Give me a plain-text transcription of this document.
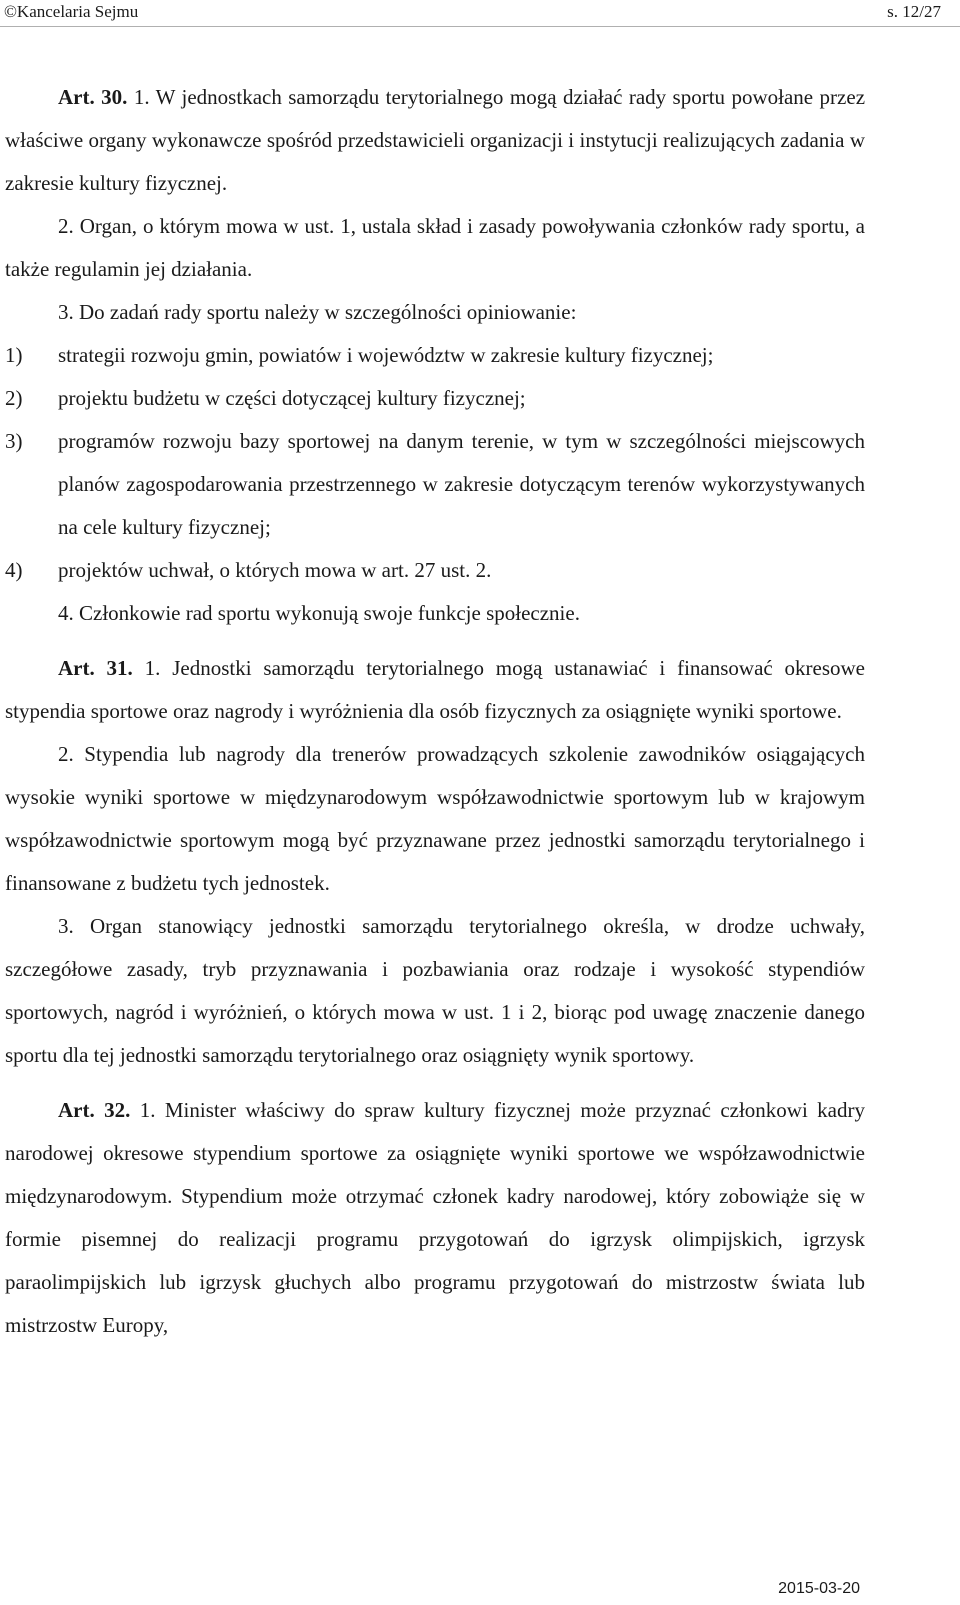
©Kancelaria Sejmu	s. 12/27

Art. 30. 1. W jednostkach samorządu terytorialnego mogą działać rady sportu powołane przez właściwe organy wykonawcze spośród przedstawicieli organizacji i instytucji realizujących zadania w zakresie kultury fizycznej.

2. Organ, o którym mowa w ust. 1, ustala skład i zasady powoływania członków rady sportu, a także regulamin jej działania.

3. Do zadań rady sportu należy w szczególności opiniowanie:

1) strategii rozwoju gmin, powiatów i województw w zakresie kultury fizycznej;

2) projektu budżetu w części dotyczącej kultury fizycznej;

3) programów rozwoju bazy sportowej na danym terenie, w tym w szczególności miejscowych planów zagospodarowania przestrzennego w zakresie dotyczącym terenów wykorzystywanych na cele kultury fizycznej;

4) projektów uchwał, o których mowa w art. 27 ust. 2.

4. Członkowie rad sportu wykonują swoje funkcje społecznie.

Art. 31. 1. Jednostki samorządu terytorialnego mogą ustanawiać i finansować okresowe stypendia sportowe oraz nagrody i wyróżnienia dla osób fizycznych za osiągnięte wyniki sportowe.

2. Stypendia lub nagrody dla trenerów prowadzących szkolenie zawodników osiągających wysokie wyniki sportowe w międzynarodowym współzawodnictwie sportowym lub w krajowym współzawodnictwie sportowym mogą być przyznawane przez jednostki samorządu terytorialnego i finansowane z budżetu tych jednostek.

3. Organ stanowiący jednostki samorządu terytorialnego określa, w drodze uchwały, szczegółowe zasady, tryb przyznawania i pozbawiania oraz rodzaje i wysokość stypendiów sportowych, nagród i wyróżnień, o których mowa w ust. 1 i 2, biorąc pod uwagę znaczenie danego sportu dla tej jednostki samorządu terytorialnego oraz osiągnięty wynik sportowy.

Art. 32. 1. Minister właściwy do spraw kultury fizycznej może przyznać członkowi kadry narodowej okresowe stypendium sportowe za osiągnięte wyniki sportowe we współzawodnictwie międzynarodowym. Stypendium może otrzymać członek kadry narodowej, który zobowiąże się w formie pisemnej do realizacji programu przygotowań do igrzysk olimpijskich, igrzysk paraolimpijskich lub igrzysk głuchych albo programu przygotowań do mistrzostw świata lub mistrzostw Europy,

2015-03-20
